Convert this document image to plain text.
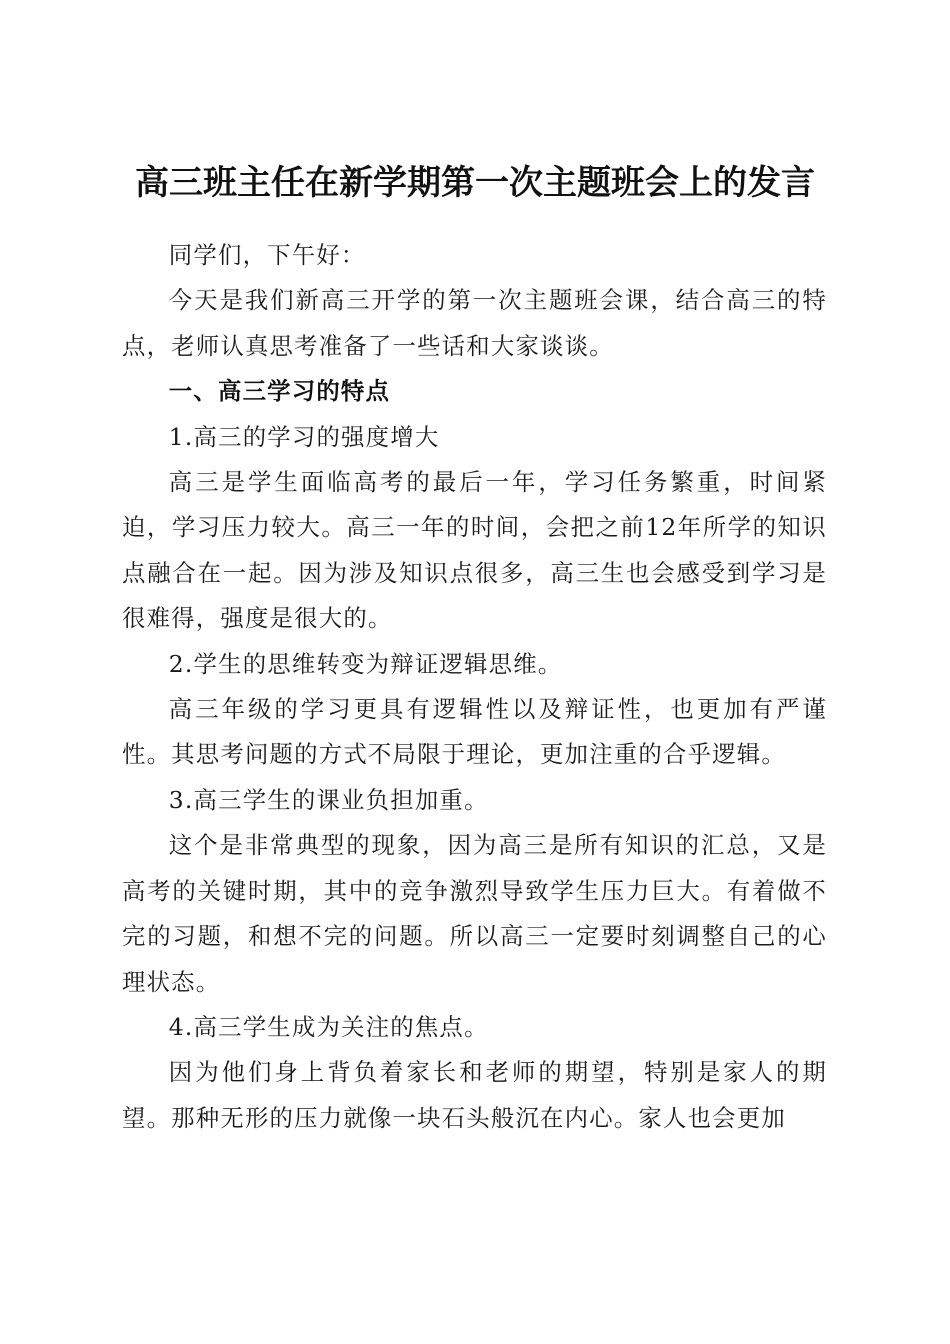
高三班主任在新学期第一次主题班会上的发言

同学们，下午好：

今天是我们新高三开学的第一次主题班会课，结合高三的特点，老师认真思考准备了一些话和大家谈谈。

一、高三学习的特点

1.高三的学习的强度增大

高三是学生面临高考的最后一年，学习任务繁重，时间紧迫，学习压力较大。高三一年的时间，会把之前12年所学的知识点融合在一起。因为涉及知识点很多，高三生也会感受到学习是很难得，强度是很大的。

2.学生的思维转变为辩证逻辑思维。

高三年级的学习更具有逻辑性以及辩证性，也更加有严谨性。其思考问题的方式不局限于理论，更加注重的合乎逻辑。

3.高三学生的课业负担加重。

这个是非常典型的现象，因为高三是所有知识的汇总，又是高考的关键时期，其中的竞争激烈导致学生压力巨大。有着做不完的习题，和想不完的问题。所以高三一定要时刻调整自己的心理状态。

4.高三学生成为关注的焦点。

因为他们身上背负着家长和老师的期望，特别是家人的期望。那种无形的压力就像一块石头般沉在内心。家人也会更加
